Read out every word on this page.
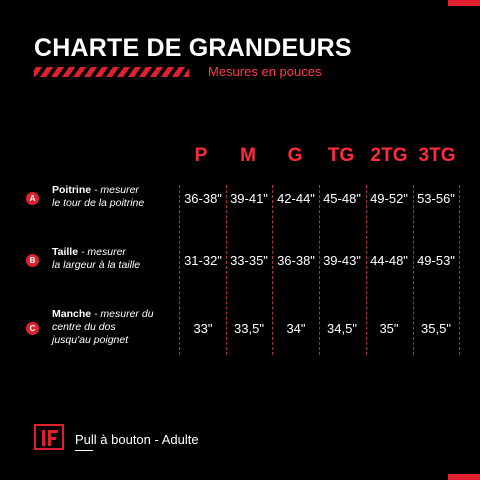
CHARTE DE GRANDEURS
Mesures en pouces
P	M	G	TG 2TG 3TG
A
Poitrine - mesurer
le tour de la poitrine	36-38" 39-41" 42-44" 45-48" 49-52" 53-56"
B
Taille - mesurer
la largeur à la taille	31-32" 33-35" 36-38" 39-43" 44-48" 49-53"
C
Manche - mesurer du
centre du dos
jusqu'au poignet
33"	33,5"	34"	34,5"	35"	35,5"
Pull à bouton - Adulte
